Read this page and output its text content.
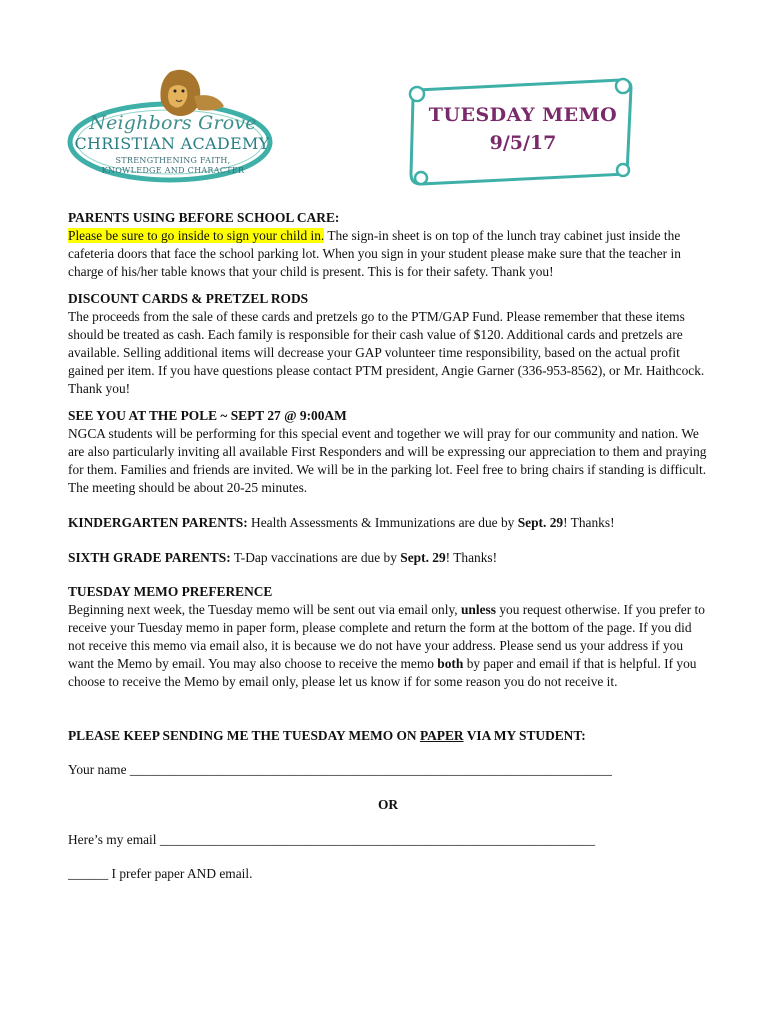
Neighbors Grove
CHRISTIAN ACADEMY
STRENGTHENING FAITH,
KNOWLEDGE AND CHARACTER
TUESDAY MEMO
9/5/17

PARENTS USING BEFORE SCHOOL CARE:

Please be sure to go inside to sign your child in. The sign-in sheet is on top of the lunch tray cabinet just inside the cafeteria doors that face the school parking lot. When you sign in your student please make sure that the teacher in charge of his/her table knows that your child is present. This is for their safety. Thank you!

DISCOUNT CARDS & PRETZEL RODS

The proceeds from the sale of these cards and pretzels go to the PTM/GAP Fund. Please remember that these items should be treated as cash. Each family is responsible for their cash value of $120. Additional cards and pretzels are available. Selling additional items will decrease your GAP volunteer time responsibility, based on the actual profit gained per item. If you have questions please contact PTM president, Angie Garner (336-953-8562), or Mr. Haithcock. Thank you!

SEE YOU AT THE POLE ~ SEPT 27 @ 9:00AM

NGCA students will be performing for this special event and together we will pray for our community and nation. We are also particularly inviting all available First Responders and will be expressing our appreciation to them and praying for them. Families and friends are invited. We will be in the parking lot. Feel free to bring chairs if standing is difficult. The meeting should be about 20-25 minutes.

KINDERGARTEN PARENTS: Health Assessments & Immunizations are due by Sept. 29! Thanks!

SIXTH GRADE PARENTS: T-Dap vaccinations are due by Sept. 29! Thanks!

TUESDAY MEMO PREFERENCE

Beginning next week, the Tuesday memo will be sent out via email only, unless you request otherwise. If you prefer to receive your Tuesday memo in paper form, please complete and return the form at the bottom of the page. If you did not receive this memo via email also, it is because we do not have your address. Please send us your address if you want the Memo by email. You may also choose to receive the memo both by paper and email if that is helpful. If you choose to receive the Memo by email only, please let us know if for some reason you do not receive it.

PLEASE KEEP SENDING ME THE TUESDAY MEMO ON PAPER VIA MY STUDENT:

Your name ________________________________________________________________________

OR

Here’s my email _________________________________________________________________

______ I prefer paper AND email.
